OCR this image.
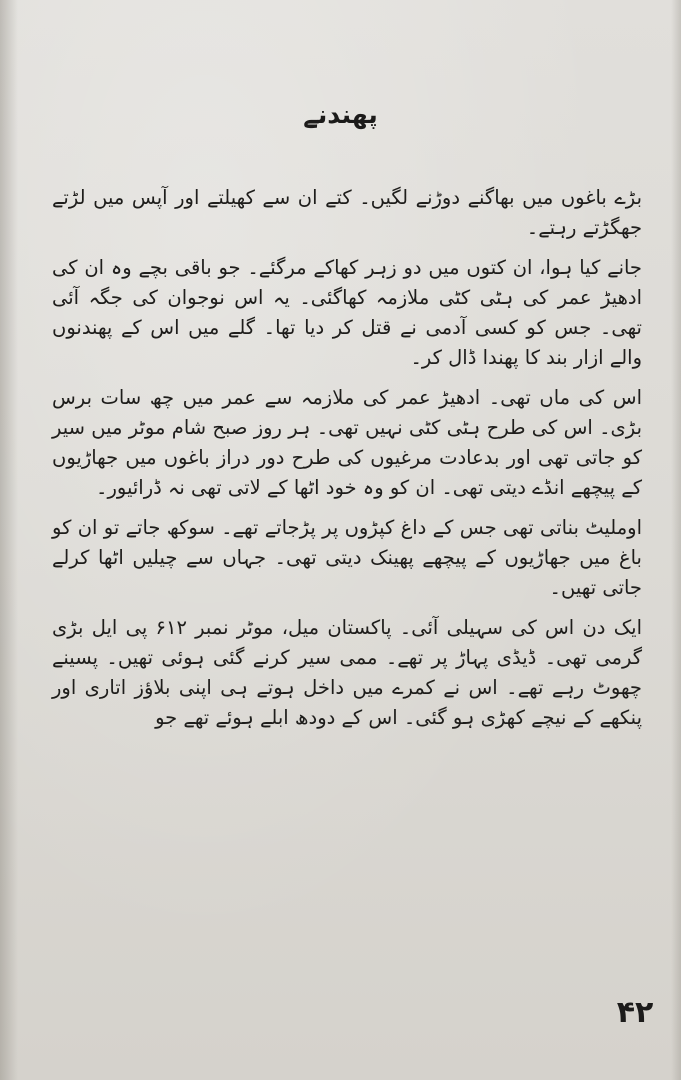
پھندنے

بڑے باغوں میں بھاگنے دوڑنے لگیں۔ کتے ان سے کھیلتے اور آپس میں لڑتے جھگڑتے رہتے۔

جانے کیا ہوا، ان کتوں میں دو زہر کھاکے مرگئے۔ جو باقی بچے وہ ان کی ادھیڑ عمر کی ہٹی کٹی ملازمہ کھاگئی۔ یہ اس نوجوان کی جگہ آئی تھی۔ جس کو کسی آدمی نے قتل کر دیا تھا۔ گلے میں اس کے پھندنوں والے ازار بند کا پھندا ڈال کر۔

اس کی ماں تھی۔ ادھیڑ عمر کی ملازمہ سے عمر میں چھ سات برس بڑی۔ اس کی طرح ہٹی کٹی نہیں تھی۔ ہر روز صبح شام موٹر میں سیر کو جاتی تھی اور بدعادت مرغیوں کی طرح دور دراز باغوں میں جھاڑیوں کے پیچھے انڈے دیتی تھی۔ ان کو وہ خود اٹھا کے لاتی تھی نہ ڈرائیور۔

اوملیٹ بناتی تھی جس کے داغ کپڑوں پر پڑجاتے تھے۔ سوکھ جاتے تو ان کو باغ میں جھاڑیوں کے پیچھے پھینک دیتی تھی۔ جہاں سے چیلیں اٹھا کرلے جاتی تھیں۔

ایک دن اس کی سہیلی آئی۔ پاکستان میل، موٹر نمبر ۶۱۲ پی ایل بڑی گرمی تھی۔ ڈیڈی پہاڑ پر تھے۔ ممی سیر کرنے گئی ہوئی تھیں۔ پسینے چھوٹ رہے تھے۔ اس نے کمرے میں داخل ہوتے ہی اپنی بلاؤز اتاری اور پنکھے کے نیچے کھڑی ہو گئی۔ اس کے دودھ ابلے ہوئے تھے جو

۴۲
